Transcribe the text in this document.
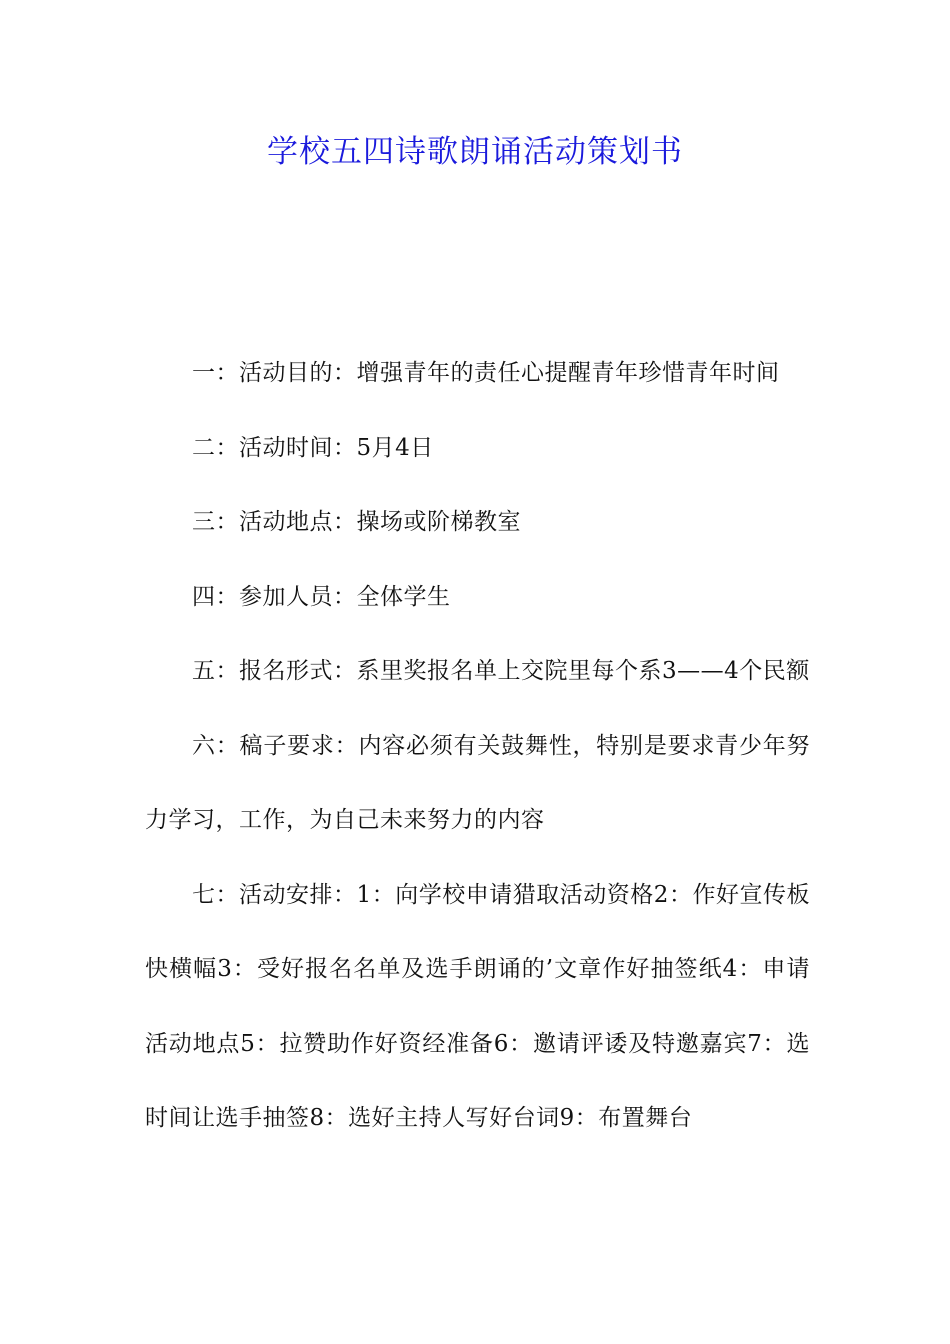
学校五四诗歌朗诵活动策划书

一：活动目的：增强青年的责任心提醒青年珍惜青年时间

二：活动时间：5月4日

三：活动地点：操场或阶梯教室

四：参加人员：全体学生

五：报名形式：系里奖报名单上交院里每个系3——4个民额

六：稿子要求：内容必须有关鼓舞性，特别是要求青少年努力学习，工作，为自己未来努力的内容

七：活动安排：1：向学校申请猎取活动资格2：作好宣传板快横幅3：受好报名名单及选手朗诵的’文章作好抽签纸4：申请活动地点5：拉赞助作好资经准备6：邀请评诿及特邀嘉宾7：选时间让选手抽签8：选好主持人写好台词9：布置舞台
